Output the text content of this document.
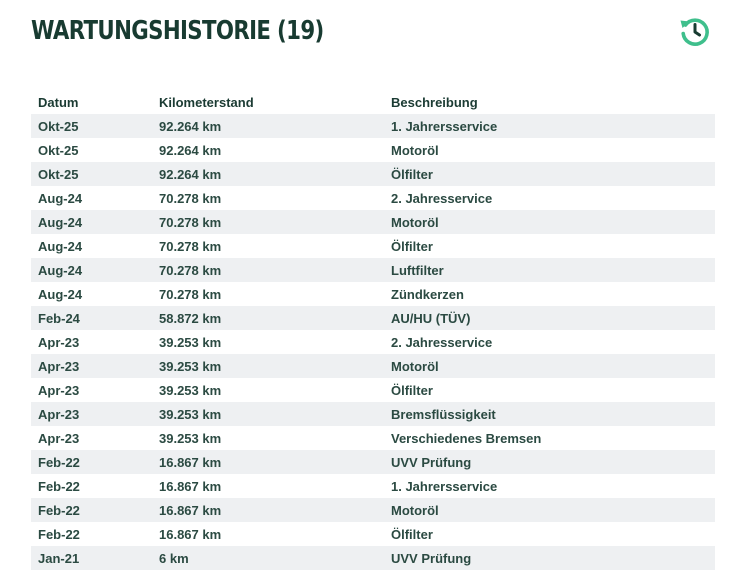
WARTUNGSHISTORIE (19)
Datum	Kilometerstand	Beschreibung
Okt-25	92.264 km	1. Jahrersservice
Okt-25	92.264 km	Motoröl
Okt-25	92.264 km	Ölfilter
Aug-24	70.278 km	2. Jahresservice
Aug-24	70.278 km	Motoröl
Aug-24	70.278 km	Ölfilter
Aug-24	70.278 km	Luftfilter
Aug-24	70.278 km	Zündkerzen
Feb-24	58.872 km	AU/HU (TÜV)
Apr-23	39.253 km	2. Jahresservice
Apr-23	39.253 km	Motoröl
Apr-23	39.253 km	Ölfilter
Apr-23	39.253 km	Bremsflüssigkeit
Apr-23	39.253 km	Verschiedenes Bremsen
Feb-22	16.867 km	UVV Prüfung
Feb-22	16.867 km	1. Jahrersservice
Feb-22	16.867 km	Motoröl
Feb-22	16.867 km	Ölfilter
Jan-21	6 km	UVV Prüfung
